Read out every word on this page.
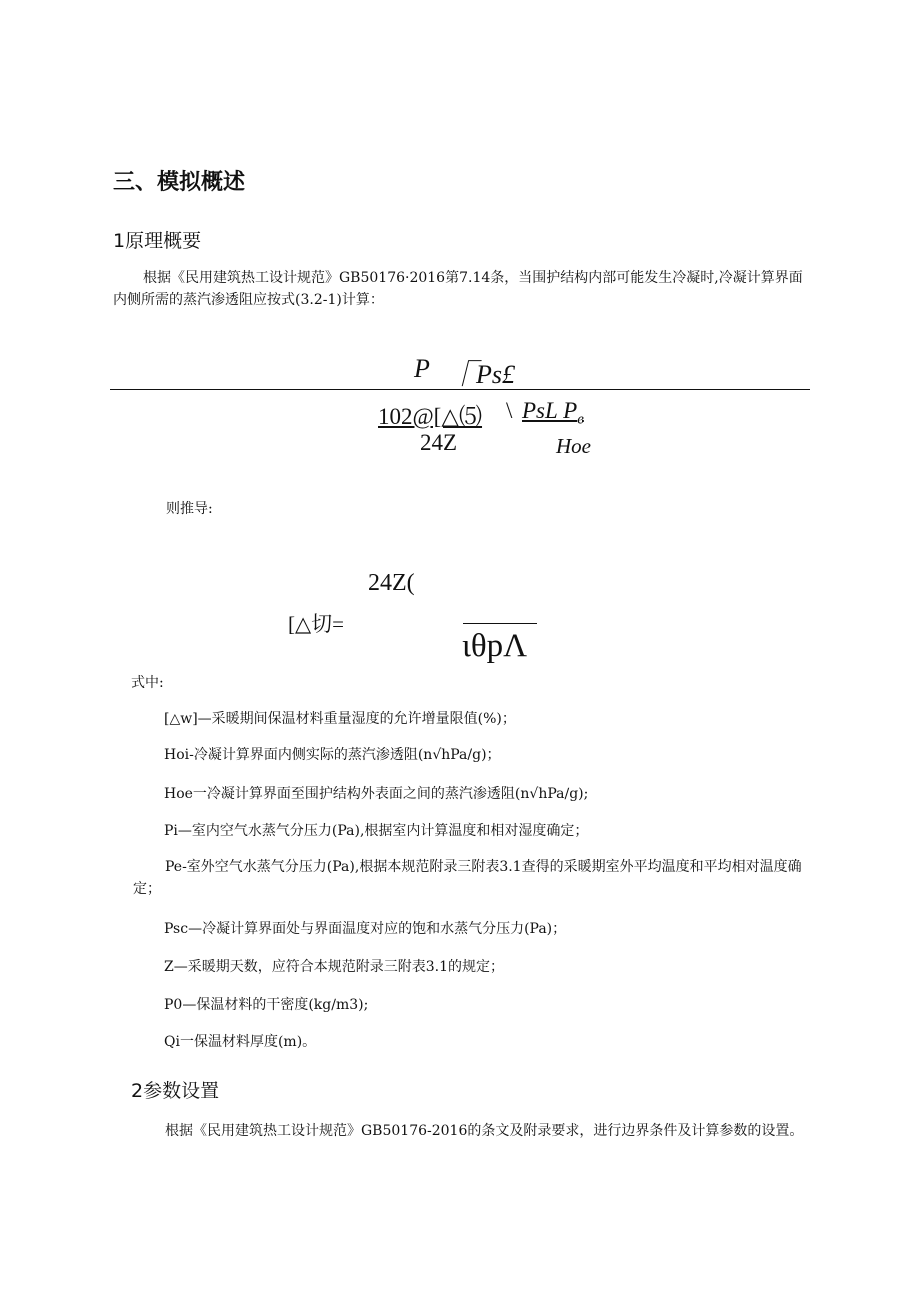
三、模拟概述
1原理概要
根据《民用建筑热工设计规范》GB50176·2016第7.14条，当围护结构内部可能发生冷凝时,冷凝计算界面内侧所需的蒸汽渗透阻应按式(3.2-1)计算：
P ⎾Ps£
102@[△⑸ \ PsL $P_e$
24Z	Hoe
则推导:
24Z(
[△切=
ιθpΛ
式中:
[△w]—采暖期间保温材料重量湿度的允许增量限值(%)；
Hoi-冷凝计算界面内侧实际的蒸汽渗透阻(n√hPa/g)；
Hoe一冷凝计算界面至围护结构外表面之间的蒸汽渗透阻(n√hPa∕g);
Pi—室内空气水蒸气分压力(Pa),根据室内计算温度和相对湿度确定；
Pe-室外空气水蒸气分压力(Pa),根据本规范附录三附表3.1查得的采暖期室外平均温度和平均相对温度确定；
Psc—冷凝计算界面处与界面温度对应的饱和水蒸气分压力(Pa)；
Z—采暖期天数，应符合本规范附录三附表3.1的规定；
P0—保温材料的干密度(kg∕m3);
Qi一保温材料厚度(m)。
2参数设置
根据《民用建筑热工设计规范》GB50176-2016的条文及附录要求，进行边界条件及计算参数的设置。
